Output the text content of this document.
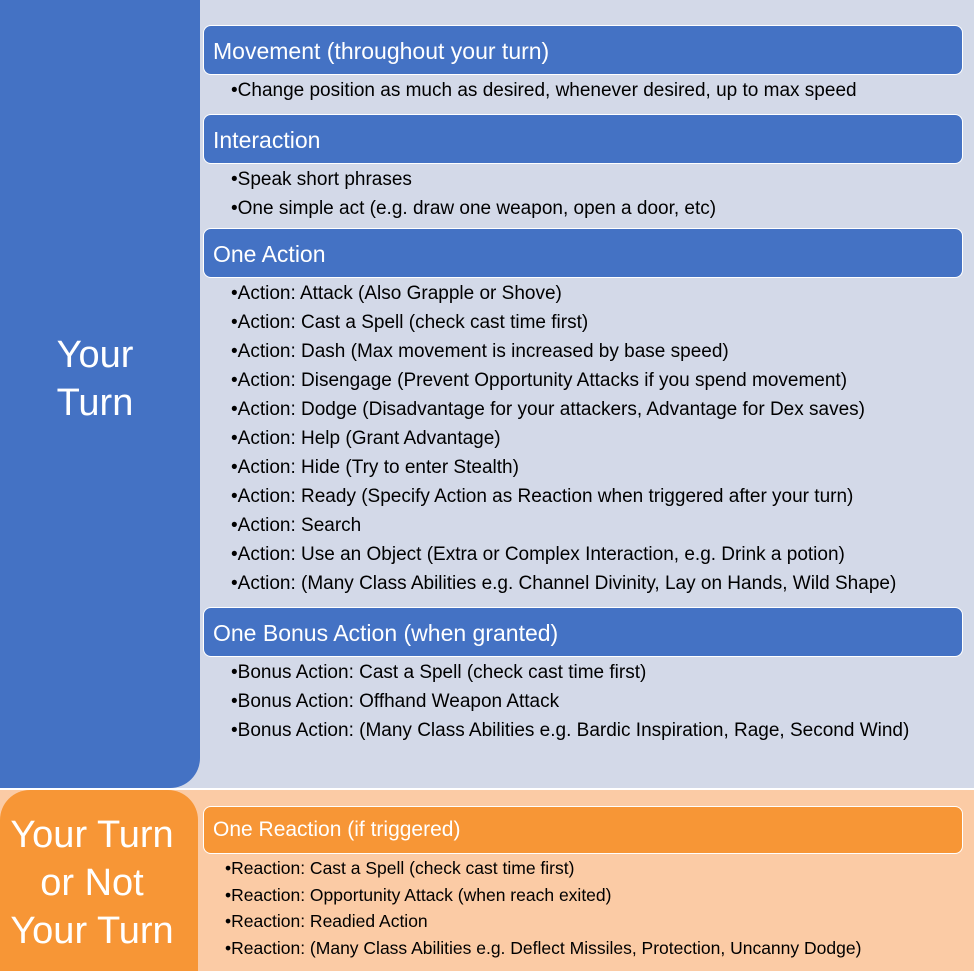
Your
Turn
Movement (throughout your turn)
• Change position as much as desired, whenever desired, up to max speed
Interaction
• Speak short phrases
• One simple act (e.g. draw one weapon, open a door, etc)
One Action
• Action: Attack (Also Grapple or Shove)
• Action: Cast a Spell (check cast time first)
• Action: Dash (Max movement is increased by base speed)
• Action: Disengage (Prevent Opportunity Attacks if you spend movement)
• Action: Dodge (Disadvantage for your attackers, Advantage for Dex saves)
• Action: Help (Grant Advantage)
• Action: Hide (Try to enter Stealth)
• Action: Ready (Specify Action as Reaction when triggered after your turn)
• Action: Search
• Action: Use an Object (Extra or Complex Interaction, e.g. Drink a potion)
• Action: (Many Class Abilities e.g. Channel Divinity, Lay on Hands, Wild Shape)
One Bonus Action (when granted)
• Bonus Action: Cast a Spell (check cast time first)
• Bonus Action: Offhand Weapon Attack
• Bonus Action: (Many Class Abilities e.g. Bardic Inspiration, Rage, Second Wind)
Your Turn
or Not
Your Turn
One Reaction (if triggered)
• Reaction: Cast a Spell (check cast time first)
• Reaction: Opportunity Attack (when reach exited)
• Reaction: Readied Action
• Reaction: (Many Class Abilities e.g. Deflect Missiles, Protection, Uncanny Dodge)
